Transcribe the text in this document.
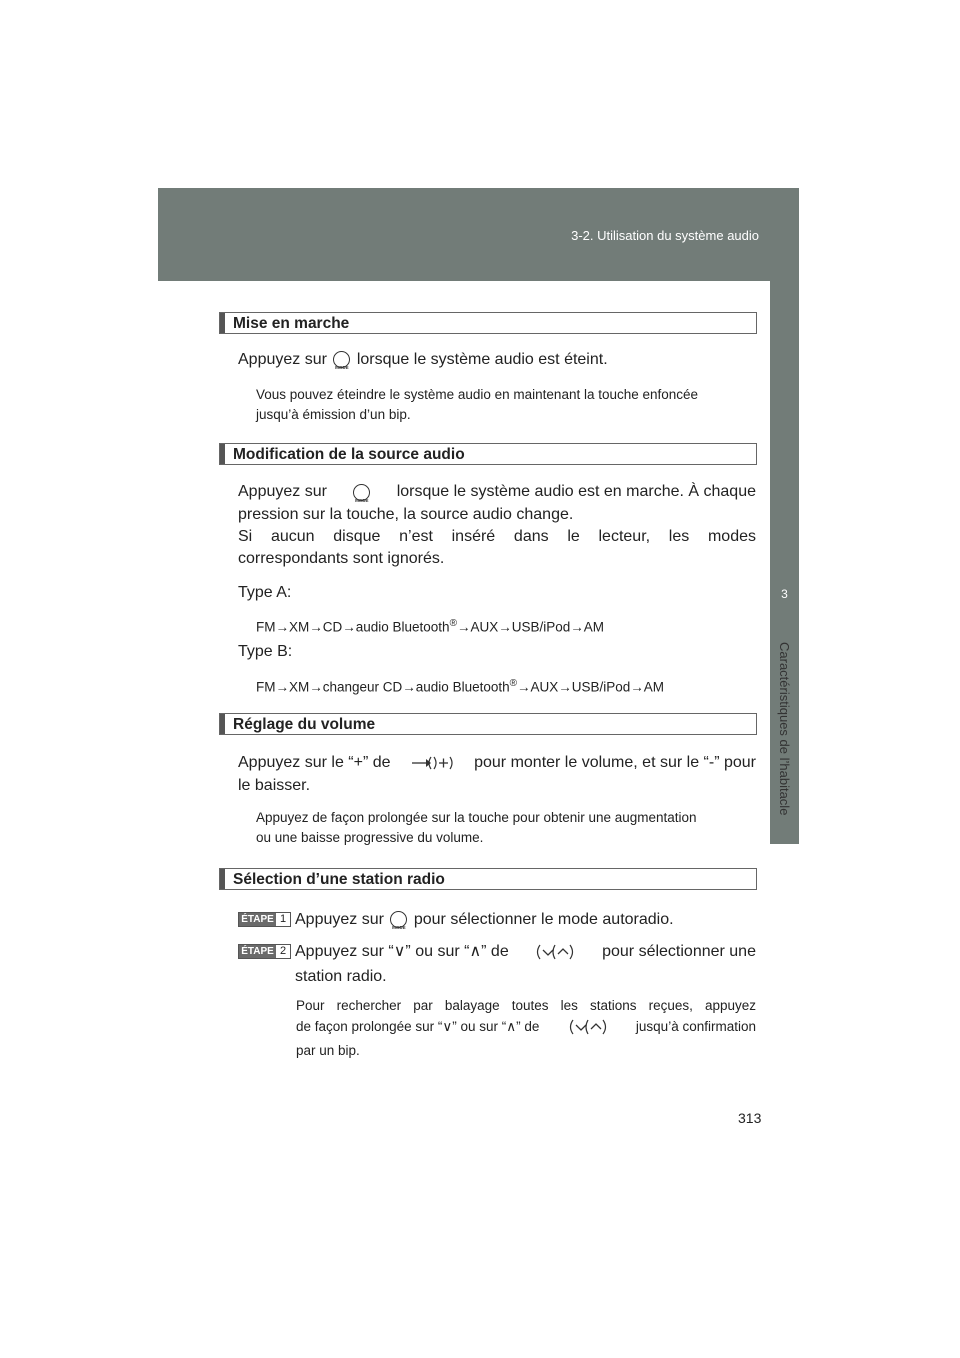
3-2. Utilisation du système audio
3
Caractéristiques de l’habitacle
Mise en marche
Appuyez sur MODE lorsque le système audio est éteint.
Vous pouvez éteindre le système audio en maintenant la touche enfoncée
jusqu’à émission d’un bip.
Modification de la source audio
Appuyez sur MODE	lorsque le système audio est en marche. À chaque
pression sur la touche, la source audio change.
Si aucun disque n’est inséré dans le lecteur, les modes
correspondants sont ignorés.
Type A:
FM→XM→CD→audio Bluetooth®→AUX→USB/iPod→AM
Type B:
FM→XM→changeur CD→audio Bluetooth®→AUX→USB/iPod→AM
Réglage du volume
Appuyez sur le “+” de	pour monter le volume, et sur le “-” pour
le baisser.
Appuyez de façon prolongée sur la touche pour obtenir une augmentation
ou une baisse progressive du volume.
Sélection d’une station radio
ÉTAPE 1 Appuyez sur MODE pour sélectionner le mode autoradio.
ÉTAPE 2 Appuyez sur “∨” ou sur “∧” de	pour sélectionner une
station radio.
Pour rechercher par balayage toutes les stations reçues, appuyez
de façon prolongée sur “∨” ou sur “∧” de	jusqu’à confirmation
par un bip.
313
